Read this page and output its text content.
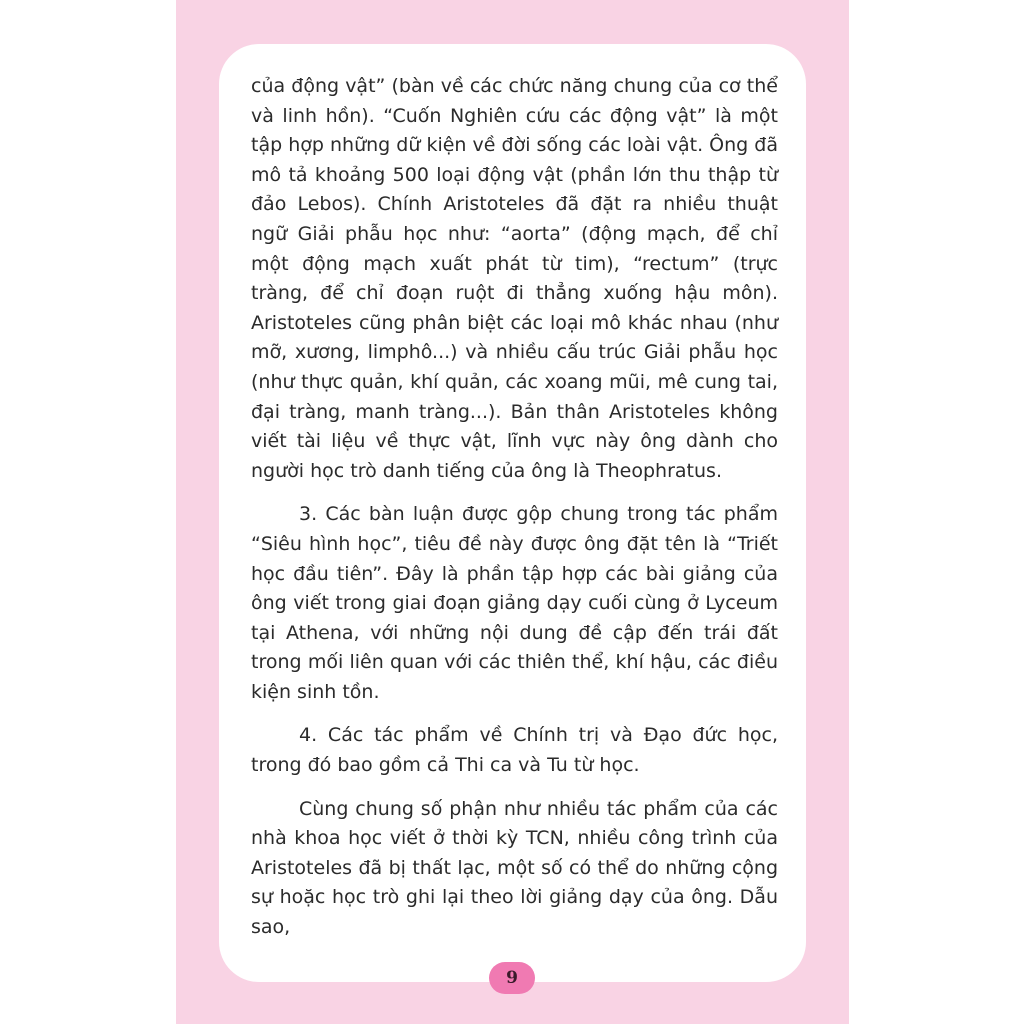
của động vật” (bàn về các chức năng chung của cơ thể và linh hồn). “Cuốn Nghiên cứu các động vật” là một tập hợp những dữ kiện về đời sống các loài vật. Ông đã mô tả khoảng 500 loại động vật (phần lớn thu thập từ đảo Lebos). Chính Aristoteles đã đặt ra nhiều thuật ngữ Giải phẫu học như: “aorta” (động mạch, để chỉ một động mạch xuất phát từ tim), “rectum” (trực tràng, để chỉ đoạn ruột đi thẳng xuống hậu môn). Aristoteles cũng phân biệt các loại mô khác nhau (như mỡ, xương, limphô...) và nhiều cấu trúc Giải phẫu học (như thực quản, khí quản, các xoang mũi, mê cung tai, đại tràng, manh tràng...). Bản thân Aristoteles không viết tài liệu về thực vật, lĩnh vực này ông dành cho người học trò danh tiếng của ông là Theophratus.

3. Các bàn luận được gộp chung trong tác phẩm “Siêu hình học”, tiêu đề này được ông đặt tên là “Triết học đầu tiên”. Đây là phần tập hợp các bài giảng của ông viết trong giai đoạn giảng dạy cuối cùng ở Lyceum tại Athena, với những nội dung đề cập đến trái đất trong mối liên quan với các thiên thể, khí hậu, các điều kiện sinh tồn.

4. Các tác phẩm về Chính trị và Đạo đức học, trong đó bao gồm cả Thi ca và Tu từ học.

Cùng chung số phận như nhiều tác phẩm của các nhà khoa học viết ở thời kỳ TCN, nhiều công trình của Aristoteles đã bị thất lạc, một số có thể do những cộng sự hoặc học trò ghi lại theo lời giảng dạy của ông. Dẫu sao,

9
